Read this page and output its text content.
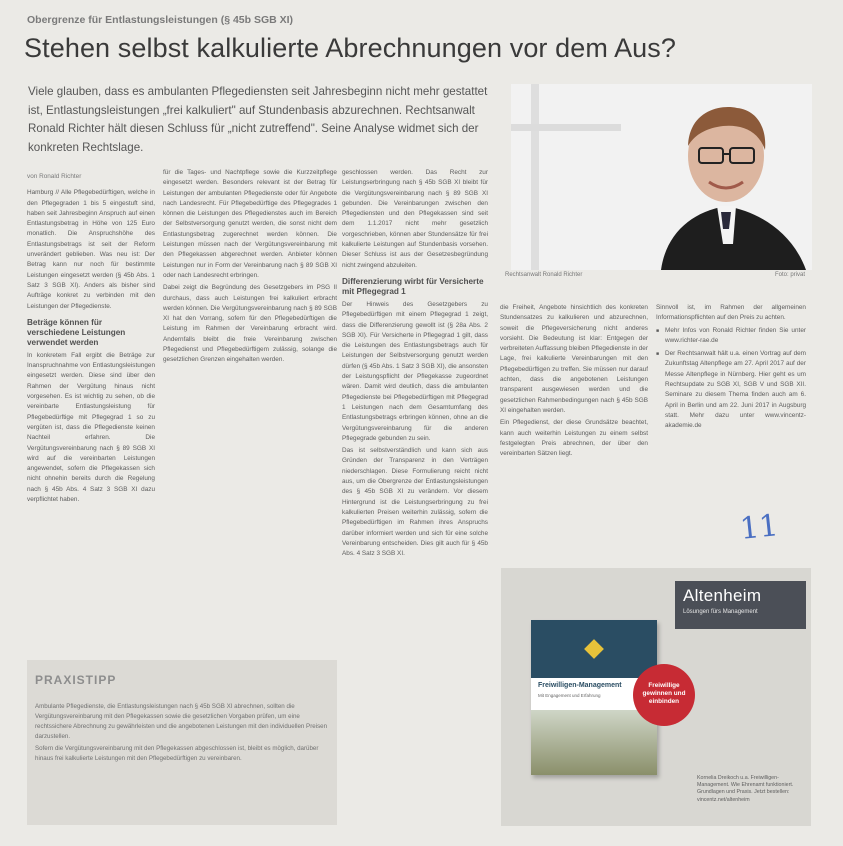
Obergrenze für Entlastungsleistungen (§ 45b SGB XI)
Stehen selbst kalkulierte Abrechnungen vor dem Aus?

Viele glauben, dass es ambulanten Pflegediensten seit Jahresbeginn nicht mehr gestattet ist, Entlastungsleistungen „frei kalkuliert" auf Stundenbasis abzurechnen. Rechtsanwalt Ronald Richter hält diesen Schluss für „nicht zutreffend". Seine Analyse widmet sich der konkreten Rechtslage.

Rechtsanwalt Ronald Richter	Foto: privat

von Ronald Richter

Hamburg // Alle Pflegebedürftigen, welche in den Pflegegraden 1 bis 5 eingestuft sind, haben seit Jahresbeginn Anspruch auf einen Entlastungsbetrag in Höhe von 125 Euro monatlich. Die Anspruchshöhe des Entlastungsbetrags ist seit der Reform unverändert geblieben. Was neu ist: Der Betrag kann nur noch für bestimmte Leistungen eingesetzt werden (§ 45b Abs. 1 Satz 3 SGB XI). Anders als bisher sind Aufträge konkret zu verbinden mit den Leistungen der Pflegedienste.

Beträge können für verschiedene Leistungen verwendet werden

In konkretem Fall ergibt die Beträge zur Inanspruchnahme von Entlastungsleistungen eingesetzt werden. Diese sind über den Rahmen der Vergütung hinaus nicht vorgesehen. Es ist wichtig zu sehen, ob die vereinbarte Entlastungsleistung für Pflegebedürftige mit Pflegegrad 1 so zu vergüten ist, dass die Pflegedienste keinen Nachteil erfahren. Die Vergütungsvereinbarung nach § 89 SGB XI wird auf die vereinbarten Leistungen angewendet, sofern die Pflegekassen sich nicht ohnehin bereits durch die Regelung nach § 45b Abs. 4 Satz 3 SGB XI dazu verpflichtet haben.

für die Tages- und Nachtpflege sowie die Kurzzeitpflege eingesetzt werden. Besonders relevant ist der Betrag für Leistungen der ambulanten Pflegedienste oder für Angebote nach Landesrecht. Für Pflegebedürftige des Pflegegrades 1 können die Leistungen des Pflegedienstes auch im Bereich der Selbstversorgung genutzt werden, die sonst nicht dem Entlastungsbetrag zugerechnet werden können. Die Leistungen müssen nach der Vergütungsvereinbarung mit den Pflegekassen abgerechnet werden. Anbieter können Leistungen nur in Form der Vereinbarung nach § 89 SGB XI oder nach Landesrecht erbringen.

Dabei zeigt die Begründung des Gesetzgebers im PSG II durchaus, dass auch Leistungen frei kalkuliert erbracht werden können. Die Vergütungsvereinbarung nach § 89 SGB XI hat den Vorrang, sofern für den Pflegebedürftigen die Leistung im Rahmen der Vereinbarung erbracht wird. Andernfalls bleibt die freie Vereinbarung zwischen Pflegedienst und Pflegebedürftigem zulässig, solange die gesetzlichen Grenzen eingehalten werden.

geschlossen werden. Das Recht zur Leistungserbringung nach § 45b SGB XI bleibt für die Vergütungsvereinbarung nach § 89 SGB XI gebunden. Die Vereinbarungen zwischen den Pflegediensten und den Pflegekassen sind seit dem 1.1.2017 nicht mehr gesetzlich vorgeschrieben, können aber Stundensätze für frei kalkulierte Leistungen auf Stundenbasis vorsehen. Dieser Schluss ist aus der Gesetzesbegründung nicht zwingend abzuleiten.

Differenzierung wirbt für Versicherte mit Pflegegrad 1

Der Hinweis des Gesetzgebers zu Pflegebedürftigen mit einem Pflegegrad 1 zeigt, dass die Differenzierung gewollt ist (§ 28a Abs. 2 SGB XI). Für Versicherte in Pflegegrad 1 gilt, dass die Leistungen des Entlastungsbetrags auch für Leistungen der Selbstversorgung genutzt werden dürfen (§ 45b Abs. 1 Satz 3 SGB XI), die ansonsten der Leistungspflicht der Pflegekasse zugeordnet wären. Damit wird deutlich, dass die ambulanten Pflegedienste bei Pflegebedürftigen mit Pflegegrad 1 Leistungen nach dem Gesamtumfang des Entlastungsbetrags erbringen können, ohne an die Vergütungsvereinbarung für die anderen Pflegegrade gebunden zu sein.

Das ist selbstverständlich und kann sich aus Gründen der Transparenz in den Verträgen niederschlagen. Diese Formulierung reicht nicht aus, um die Obergrenze der Entlastungsleistungen des § 45b SGB XI zu verändern. Vor diesem Hintergrund ist die Leistungserbringung zu frei kalkulierten Preisen weiterhin zulässig, sofern die Pflegebedürftigen im Rahmen ihres Anspruchs darüber informiert werden und sich für eine solche Vereinbarung entscheiden. Dies gilt auch für § 45b Abs. 4 Satz 3 SGB XI.

die Freiheit, Angebote hinsichtlich des konkreten Stundensatzes zu kalkulieren und abzurechnen, soweit die Pflegeversicherung nicht anderes vorsieht. Die Bedeutung ist klar: Entgegen der verbreiteten Auffassung bleiben Pflegedienste in der Lage, frei kalkulierte Vereinbarungen mit den Pflegebedürftigen zu treffen. Sie müssen nur darauf achten, dass die angebotenen Leistungen transparent ausgewiesen werden und die gesetzlichen Rahmenbedingungen nach § 45b SGB XI eingehalten werden.

Ein Pflegedienst, der diese Grundsätze beachtet, kann auch weiterhin Leistungen zu einem selbst festgelegten Preis abrechnen, der über den vereinbarten Sätzen liegt.

Sinnvoll ist, im Rahmen der allgemeinen Informationspflichten auf den Preis zu achten.

■ Mehr Infos von Ronald Richter finden Sie unter www.richter-rae.de
■ Der Rechtsanwalt hält u.a. einen Vortrag auf dem Zukunftstag Altenpflege am 27. April 2017 auf der Messe Altenpflege in Nürnberg. Hier geht es um Rechtsupdate zu SGB XI, SGB V und SGB XII. Seminare zu diesem Thema finden auch am 6. April in Berlin und am 22. Juni 2017 in Augsburg statt. Mehr dazu unter www.vincentz-akademie.de
PRAXISTIPP

Ambulante Pflegedienste, die Entlastungsleistungen nach § 45b SGB XI abrechnen, sollten die Vergütungsvereinbarung mit den Pflegekassen sowie die gesetzlichen Vorgaben prüfen, um eine rechtssichere Abrechnung zu gewährleisten und die angebotenen Leistungen mit den individuellen Preisen darzustellen.

Sofern die Vergütungsvereinbarung mit den Pflegekassen abgeschlossen ist, bleibt es möglich, darüber hinaus frei kalkulierte Leistungen mit den Pflegebedürftigen zu vereinbaren.

Altenheim
Lösungen fürs Management
Freiwilligen-Management
Mit Engagement und Erfahrung
Freiwillige gewinnen und einbinden
Kornelia Dreikoch u.a. Freiwilligen-Management. Wie Ehrenamt funktioniert. Grundlagen und Praxis. Jetzt bestellen: vincentz.net/altenheim
11
